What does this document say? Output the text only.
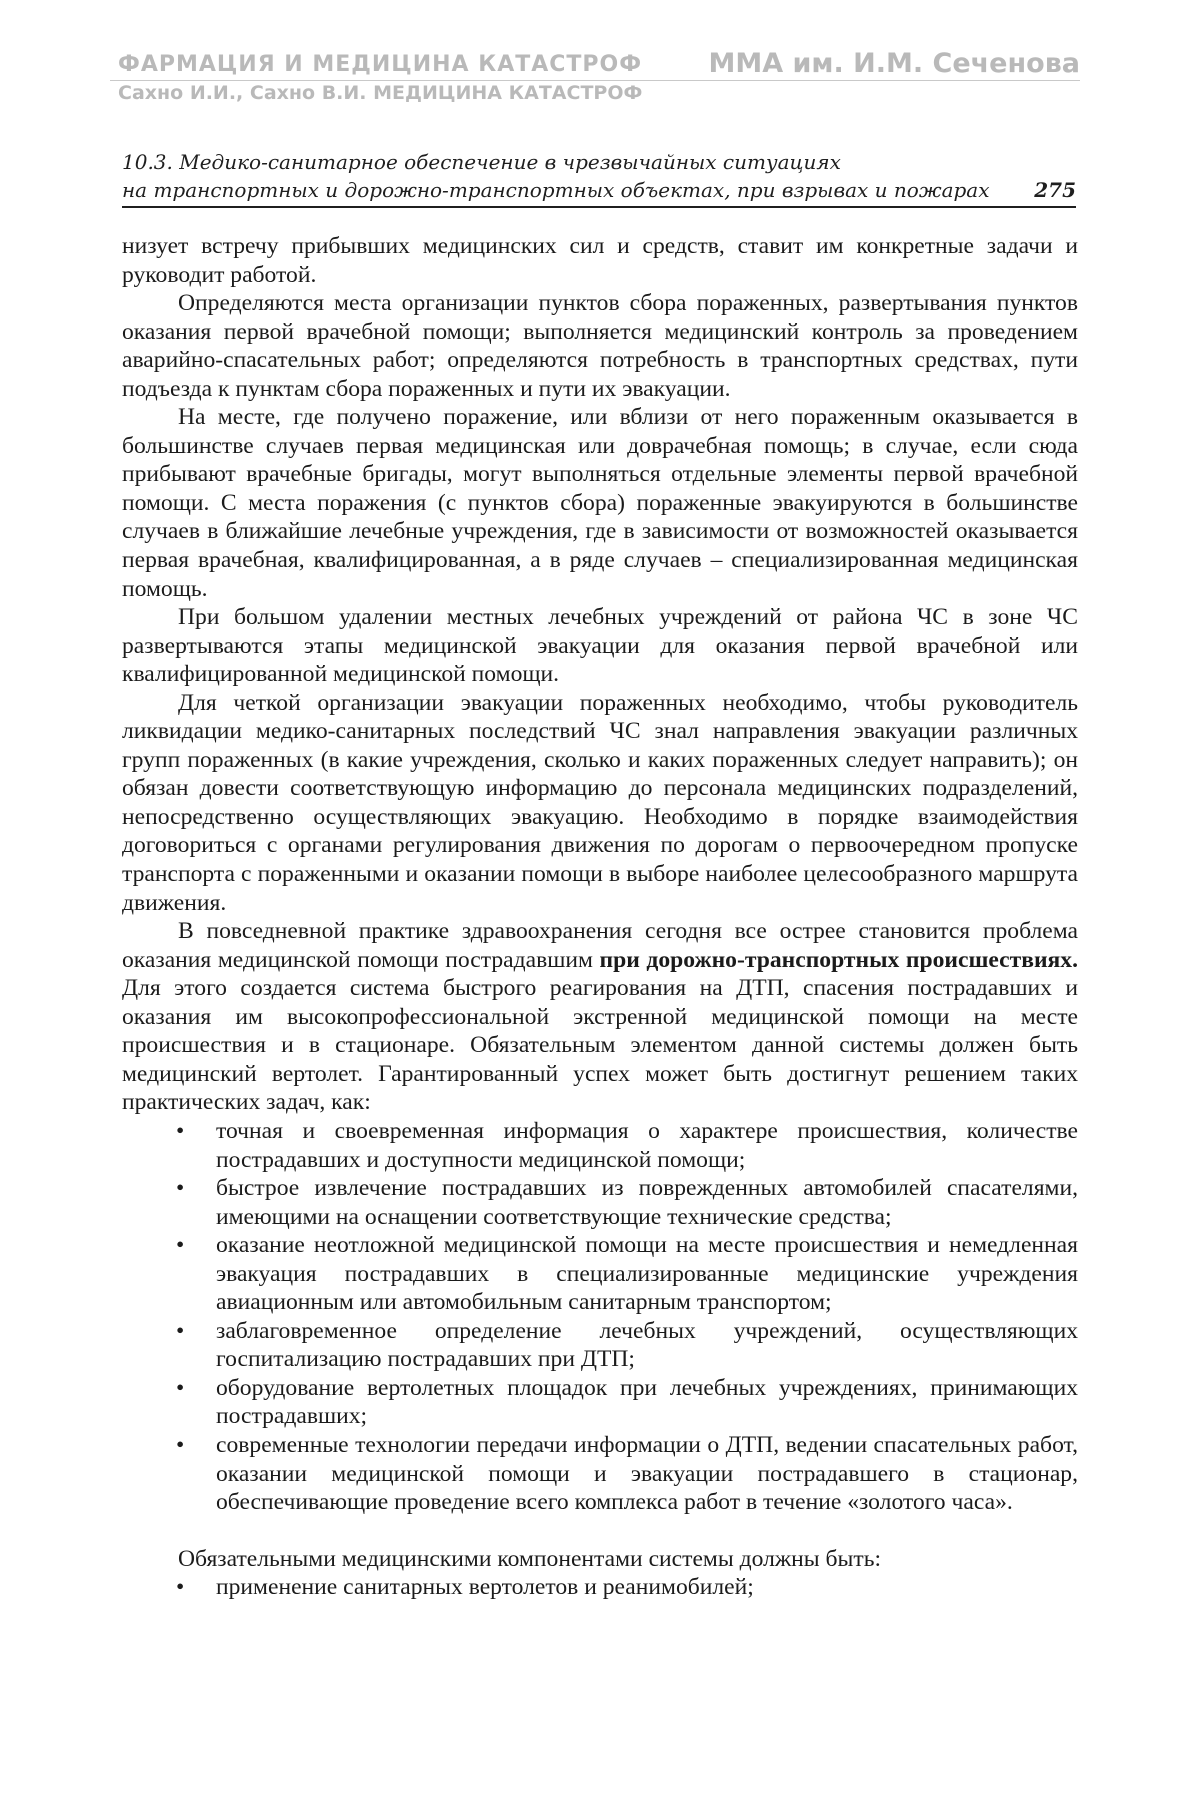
ФАРМАЦИЯ И МЕДИЦИНА КАТАСТРОФ ММА им. И.М. Сеченова
Сахно И.И., Сахно В.И. МЕДИЦИНА КАТАСТРОФ
10.3. Медико-санитарное обеспечение в чрезвычайных ситуациях
на транспортных и дорожно-транспортных объектах, при взрывах и пожарах	275

низует встречу прибывших медицинских сил и средств, ставит им конкретные задачи и руководит работой.

Определяются места организации пунктов сбора пораженных, развертывания пунктов оказания первой врачебной помощи; выполняется медицинский контроль за проведением аварийно-спасательных работ; определяются потребность в транспортных средствах, пути подъезда к пунктам сбора пораженных и пути их эвакуации.

На месте, где получено поражение, или вблизи от него пораженным оказывается в большинстве случаев первая медицинская или доврачебная помощь; в случае, если сюда прибывают врачебные бригады, могут выполняться отдельные элементы первой врачебной помощи. С места поражения (с пунктов сбора) пораженные эвакуируются в большинстве случаев в ближайшие лечебные учреждения, где в зависимости от возможностей оказывается первая врачебная, квалифицированная, а в ряде случаев – специализированная медицинская помощь.

При большом удалении местных лечебных учреждений от района ЧС в зоне ЧС развертываются этапы медицинской эвакуации для оказания первой врачебной или квалифицированной медицинской помощи.

Для четкой организации эвакуации пораженных необходимо, чтобы руководитель ликвидации медико-санитарных последствий ЧС знал направления эвакуации различных групп пораженных (в какие учреждения, сколько и каких пораженных следует направить); он обязан довести соответствующую информацию до персонала медицинских подразделений, непосредственно осуществляющих эвакуацию. Необходимо в порядке взаимодействия договориться с органами регулирования движения по дорогам о первоочередном пропуске транспорта с пораженными и оказании помощи в выборе наиболее целесообразного маршрута движения.

В повседневной практике здравоохранения сегодня все острее становится проблема оказания медицинской помощи пострадавшим при дорожно-транспортных происшествиях. Для этого создается система быстрого реагирования на ДТП, спасения пострадавших и оказания им высокопрофессиональной экстренной медицинской помощи на месте происшествия и в стационаре. Обязательным элементом данной системы должен быть медицинский вертолет. Гарантированный успех может быть достигнут решением таких практических задач, как:

• точная и своевременная информация о характере происшествия, количестве пострадавших и доступности медицинской помощи;
• быстрое извлечение пострадавших из поврежденных автомобилей спасателями, имеющими на оснащении соответствующие технические средства;
• оказание неотложной медицинской помощи на месте происшествия и немедленная эвакуация пострадавших в специализированные медицинские учреждения авиационным или автомобильным санитарным транспортом;
• заблаговременное определение лечебных учреждений, осуществляющих госпитализацию пострадавших при ДТП;
• оборудование вертолетных площадок при лечебных учреждениях, принимающих пострадавших;
• современные технологии передачи информации о ДТП, ведении спасательных работ, оказании медицинской помощи и эвакуации пострадавшего в стационар, обеспечивающие проведение всего комплекса работ в течение «золотого часа».

Обязательными медицинскими компонентами системы должны быть:

• применение санитарных вертолетов и реанимобилей;
